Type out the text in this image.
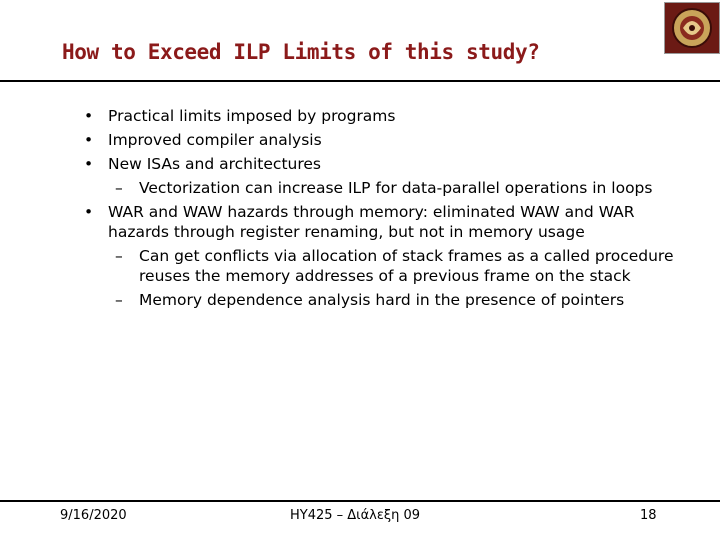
How to Exceed ILP Limits of this study?
• Practical limits imposed by programs
• Improved compiler analysis
• New ISAs and architectures
– Vectorization can increase ILP for data-parallel operations in loops
• WAR and WAW hazards through memory: eliminated WAW and WAR hazards through register renaming, but not in memory usage
– Can get conflicts via allocation of stack frames as a called procedure reuses the memory addresses of a previous frame on the stack
– Memory dependence analysis hard in the presence of pointers
9/16/2020	ΗΥ425 – Διάλεξη 09	18
